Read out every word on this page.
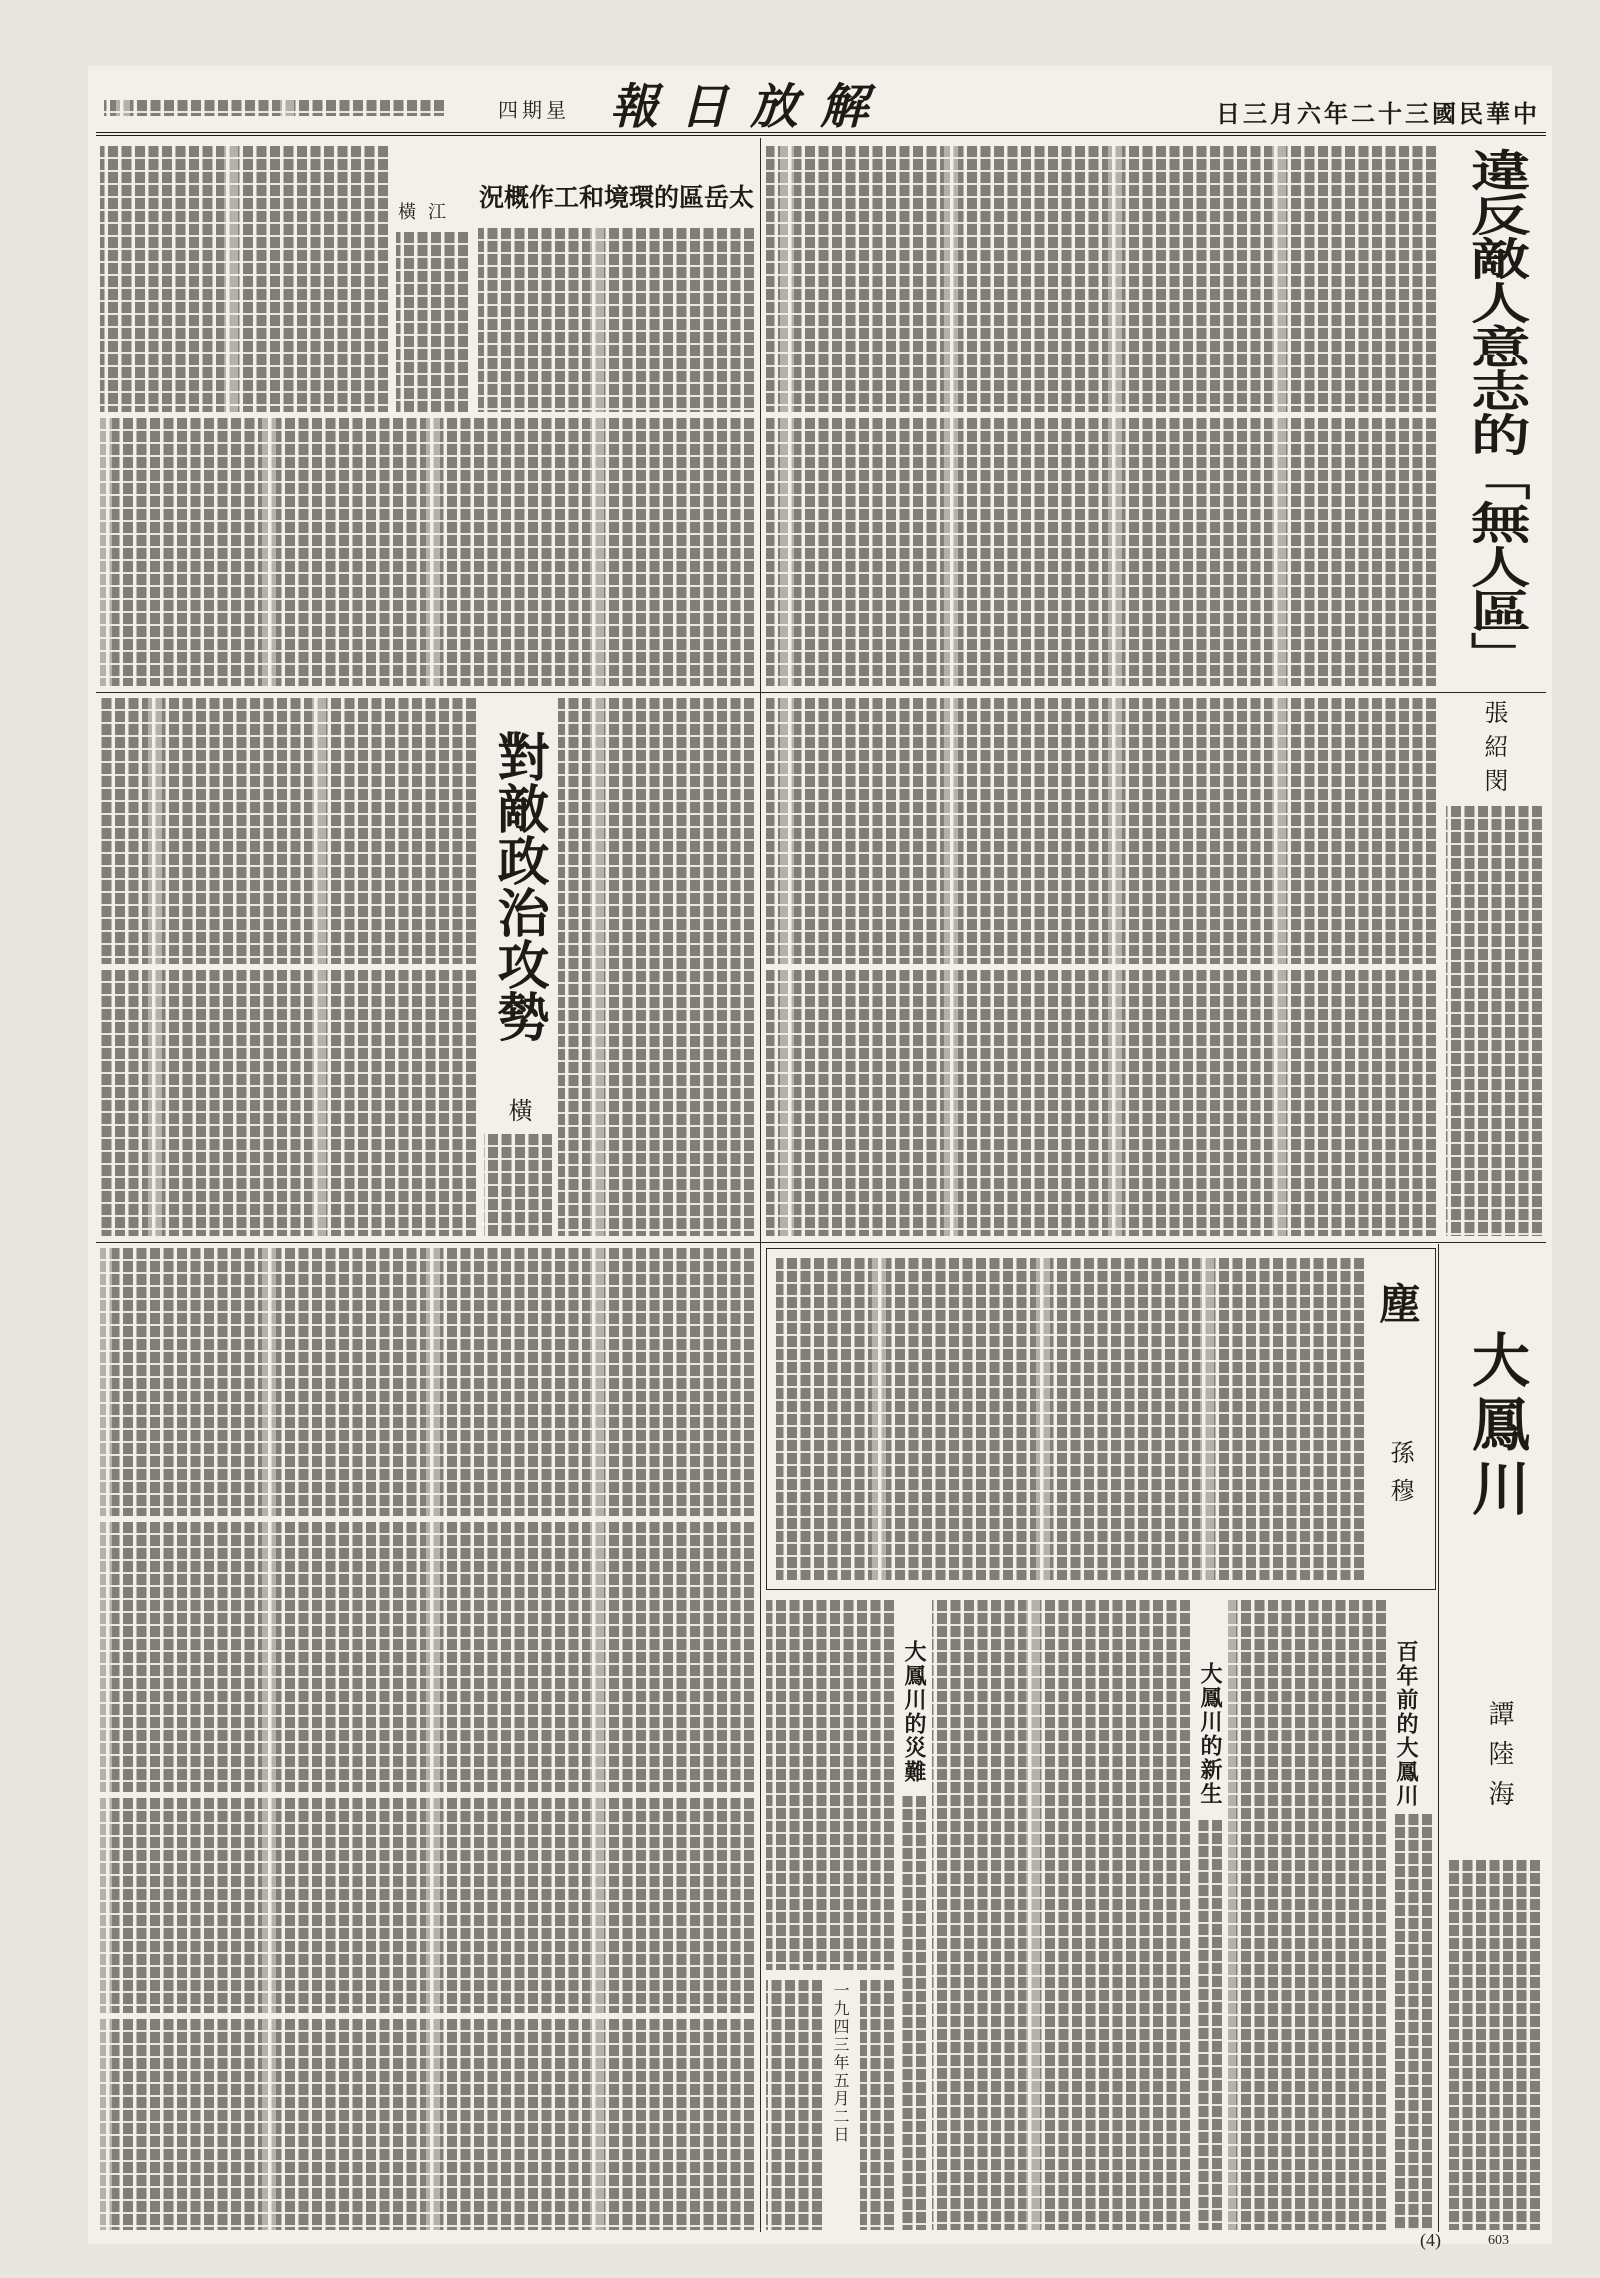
星期四 解放日報	中華民國三十二年六月三日
違反敵人意志的「無人區」
張紹閔
太岳區的環境和工作概況
江橫
對敵政治攻勢
橫
塵
孫穆 大鳳川
譚陸海
百年前的大鳳川
大鳳川的新生
大鳳川的災難
一九四三年五月二日
(4)	603
